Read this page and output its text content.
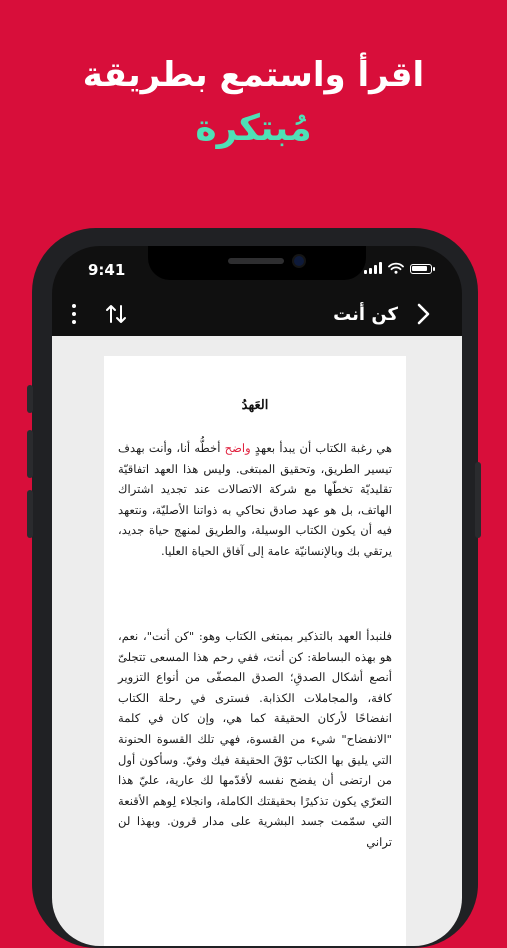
اقرأ واستمع بطريقة
مُبتكرة
9:41
كن أنت
العَهدُ
هي رغبة الكتاب أن يبدأ بعهدٍ واضح أخطُّه أنا، وأنت بهدف تيسير الطريق، وتحقيق المبتغى. وليس هذا العهد اتفاقيّة تقليديّة تخطّها مع شركة الاتصالات عند تجديد اشتراك الهاتف، بل هو عهد صادق نحاكي به ذواتنا الأصليّة، ونتعهد فيه أن يكون الكتاب الوسيلة، والطريق لمنهج حياة جديد، يرتقي بك وبالإنسانيّة عامة إلى آفاق الحياة العليا.
فلنبدأ العهد بالتذكير بمبتغى الكتاب وهو: "كن أنت"، نعم، هو بهذه البساطة: كن أنت، ففي رحم هذا المسعى تتجلىّ أنصع أشكال الصدقِ؛ الصدق المصفّى من أنواع التزوير كافة، والمجاملات الكذابة. فسترى في رحلة الكتاب انفضاحًا لأركان الحقيقة كما هي، وإن كان في كلمة "الانفضاح" شيء من القسوة، فهي تلك القسوة الحنونة التي يليق بها الكتاب تَوْقَ الحقيقة فيك وفيّ. وسأكون أول من ارتضى أن يفضح نفسه لأقدّمها لك عارية، عليّ هذا التعرّي يكون تذكيرًا بحقيقتك الكاملة، وانجلاء لِوهم الأقنعة التي سمّمت جسد البشرية على مدار قرون. وبهذا لن تراني
